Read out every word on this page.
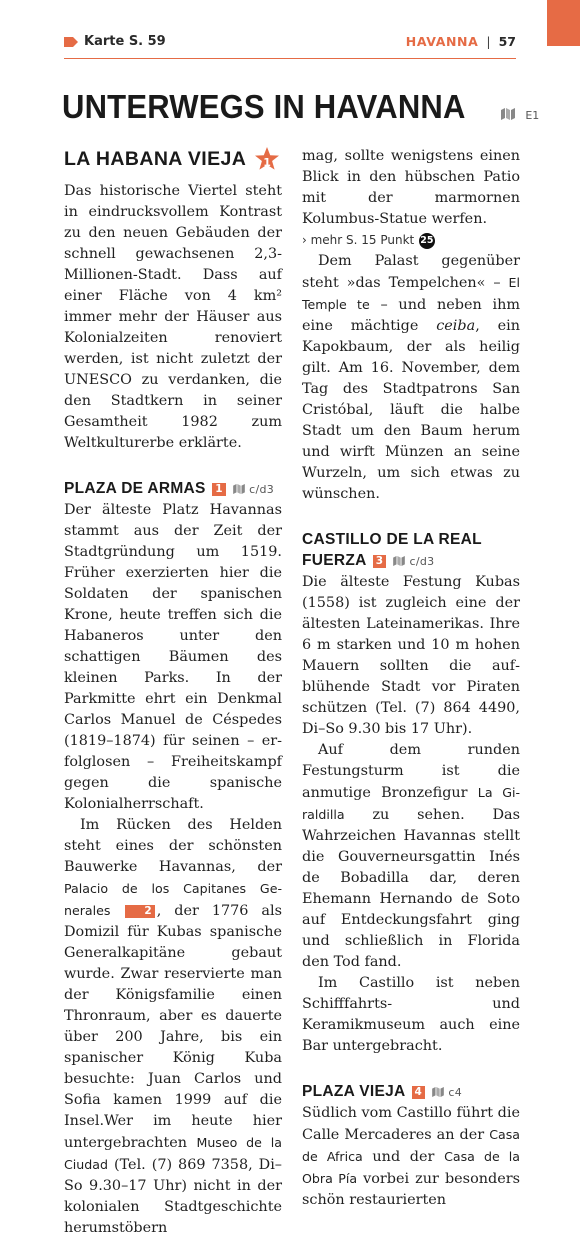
Karte S. 59	HAVANNA | 57
UNTERWEGS IN HAVANNA	E1
LA HABANA VIEJA	1

Das historische Viertel steht in eindrucksvollem Kontrast zu den neuen Gebäuden der schnell gewachsenen 2,3-Millionen-Stadt. Dass auf einer Fläche von 4 km² immer mehr der Häuser aus Kolonialzeiten renoviert werden, ist nicht zuletzt der UNESCO zu verdanken, die den Stadtkern in seiner Gesamtheit 1982 zum Weltkulturerbe erklärte.

PLAZA DE ARMAS 1 c/d3

Der älteste Platz Havannas stammt aus der Zeit der Stadtgründung um 1519. Früher exerzierten hier die Soldaten der spanischen Krone, heute treffen sich die Habaneros unter den schattigen Bäumen des kleinen Parks. In der Parkmitte ehrt ein Denkmal Carlos Manuel de Céspedes (1819–1874) für seinen – erfolglosen – Freiheitskampf gegen die spanische Kolonialherrschaft.

Im Rücken des Helden steht eines der schönsten Bauwerke Havannas, der Palacio de los Capitanes Generales	2 , der 1776 als Domizil für Kubas spanische Generalkapitäne gebaut wurde. Zwar reservierte man der Königsfamilie einen Thronraum, aber es dauerte über 200 Jahre, bis ein spanischer König Kuba besuchte: Juan Carlos und Sofia kamen 1999 auf die Insel.Wer im heute hier untergebrachten Museo de la Ciudad (Tel. (7) 869 7358, Di–So 9.30–17 Uhr) nicht in der kolonialen Stadtgeschichte herumstöbern

mag, sollte wenigstens einen Blick in den hübschen Patio mit der marmornen Kolumbus-Statue werfen.

› mehr S. 15 Punkt 25

Dem Palast gegenüber steht »das Tempelchen« – El Temple te – und neben ihm eine mächtige ceiba, ein Kapokbaum, der als heilig gilt. Am 16. November, dem Tag des Stadtpatrons San Cristóbal, läuft die halbe Stadt um den Baum herum und wirft Münzen an seine Wurzeln, um sich etwas zu wünschen.

CASTILLO DE LA REAL
FUERZA 3 c/d3

Die älteste Festung Kubas (1558) ist zugleich eine der ältesten Lateinamerikas. Ihre 6 m starken und 10 m hohen Mauern sollten die aufblühende Stadt vor Piraten schützen (Tel. (7) 864 4490, Di–So 9.30 bis 17 Uhr).

Auf dem runden Festungsturm ist die anmutige Bronzefigur La Giraldilla zu sehen. Das Wahrzeichen Havannas stellt die Gouverneursgattin Inés de Bobadilla dar, deren Ehemann Hernando de Soto auf Entdeckungsfahrt ging und schließlich in Florida den Tod fand.

Im Castillo ist neben Schifffahrts- und Keramikmuseum auch eine Bar untergebracht.

PLAZA VIEJA 4 c4

Südlich vom Castillo führt die Calle Mercaderes an der Casa de Africa und der Casa de la Obra Pía vorbei zur besonders schön restaurierten
